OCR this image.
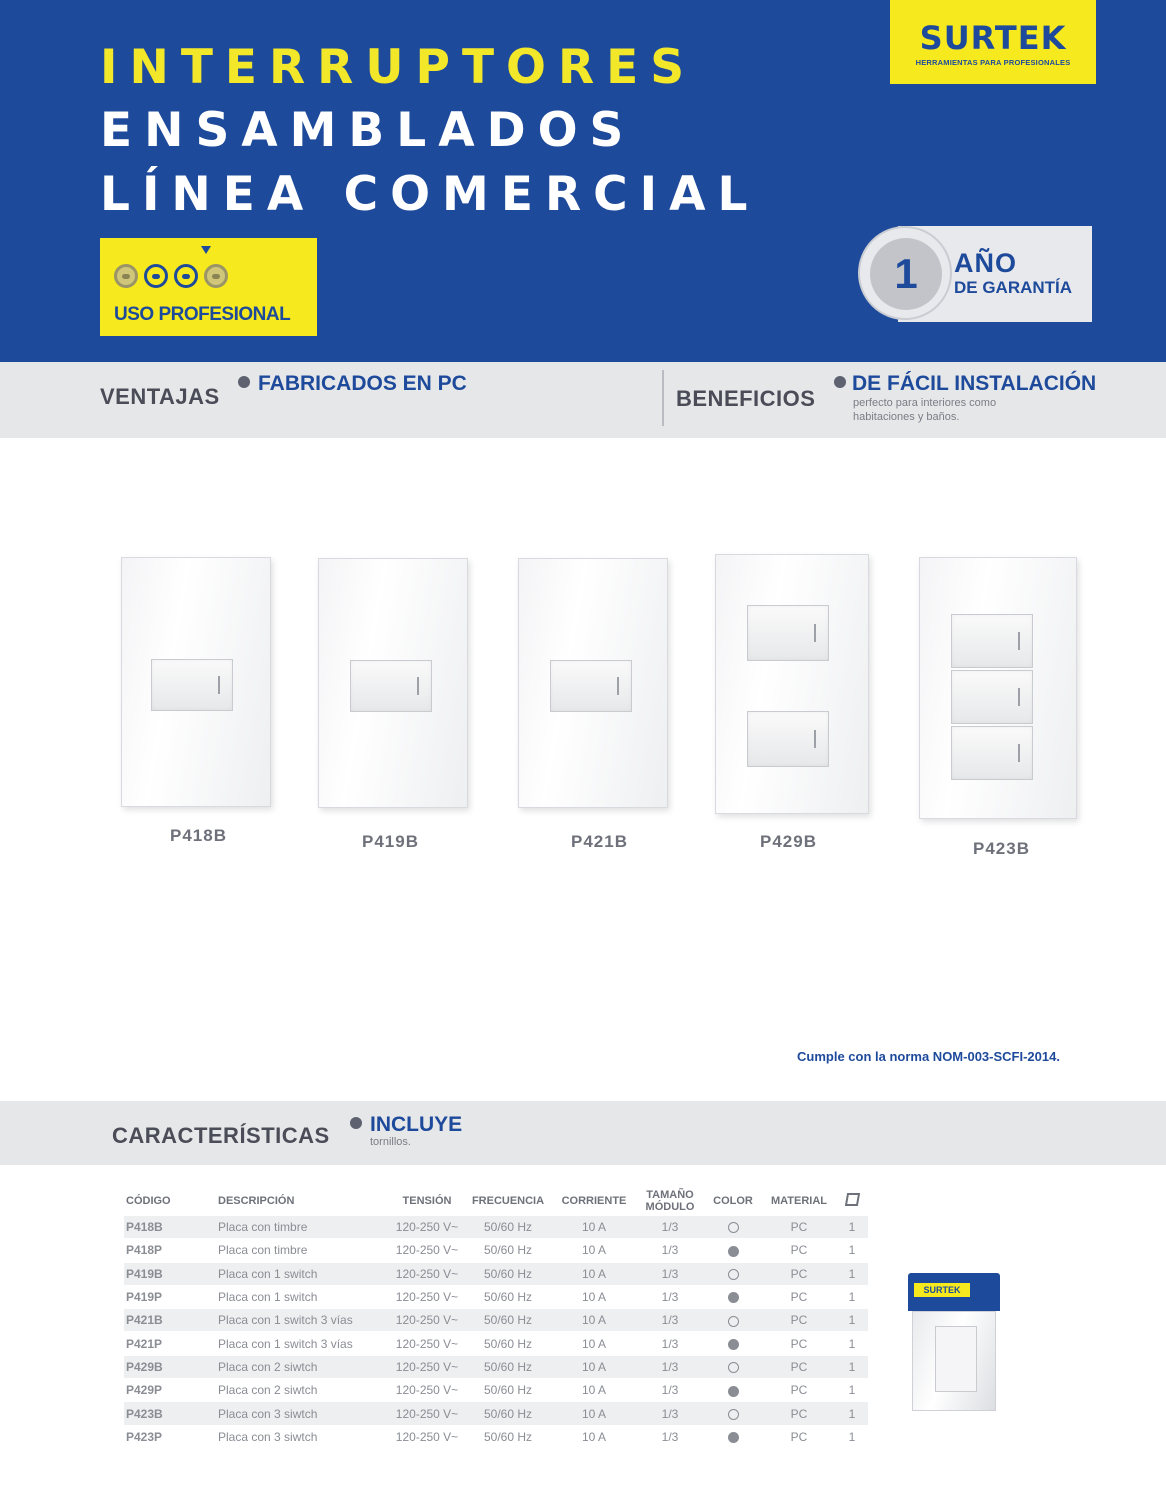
INTERRUPTORES
ENSAMBLADOS
LÍNEA COMERCIAL
SURTEK
HERRAMIENTAS PARA PROFESIONALES
USO PROFESIONAL
AÑO
DE GARANTÍA
1
VENTAJAS
FABRICADOS EN PC
BENEFICIOS
DE FÁCIL INSTALACIÓN
perfecto para interiores como
habitaciones y baños.
P418B	P419B	P421B	P429B	P423B
Cumple con la norma NOM-003-SCFI-2014.
CARACTERÍSTICAS INCLUYE
tornillos.
CÓDIGO	DESCRIPCIÓN	TENSIÓN	FRECUENCIA	CORRIENTE	TAMAÑO
MÓDULO	COLOR	MATERIAL	
P418B	Placa con timbre	120-250 V~	50/60 Hz	10 A	1/3		PC	1
P418P	Placa con timbre	120-250 V~	50/60 Hz	10 A	1/3		PC	1
P419B	Placa con 1 switch	120-250 V~	50/60 Hz	10 A	1/3		PC	1
P419P	Placa con 1 switch	120-250 V~	50/60 Hz	10 A	1/3		PC	1
P421B	Placa con 1 switch 3 vías	120-250 V~	50/60 Hz	10 A	1/3		PC	1
P421P	Placa con 1 switch 3 vías	120-250 V~	50/60 Hz	10 A	1/3		PC	1
P429B	Placa con 2 siwtch	120-250 V~	50/60 Hz	10 A	1/3		PC	1
P429P	Placa con 2 siwtch	120-250 V~	50/60 Hz	10 A	1/3		PC	1
P423B	Placa con 3 siwtch	120-250 V~	50/60 Hz	10 A	1/3		PC	1
P423P	Placa con 3 siwtch	120-250 V~	50/60 Hz	10 A	1/3		PC	1
SURTEK
